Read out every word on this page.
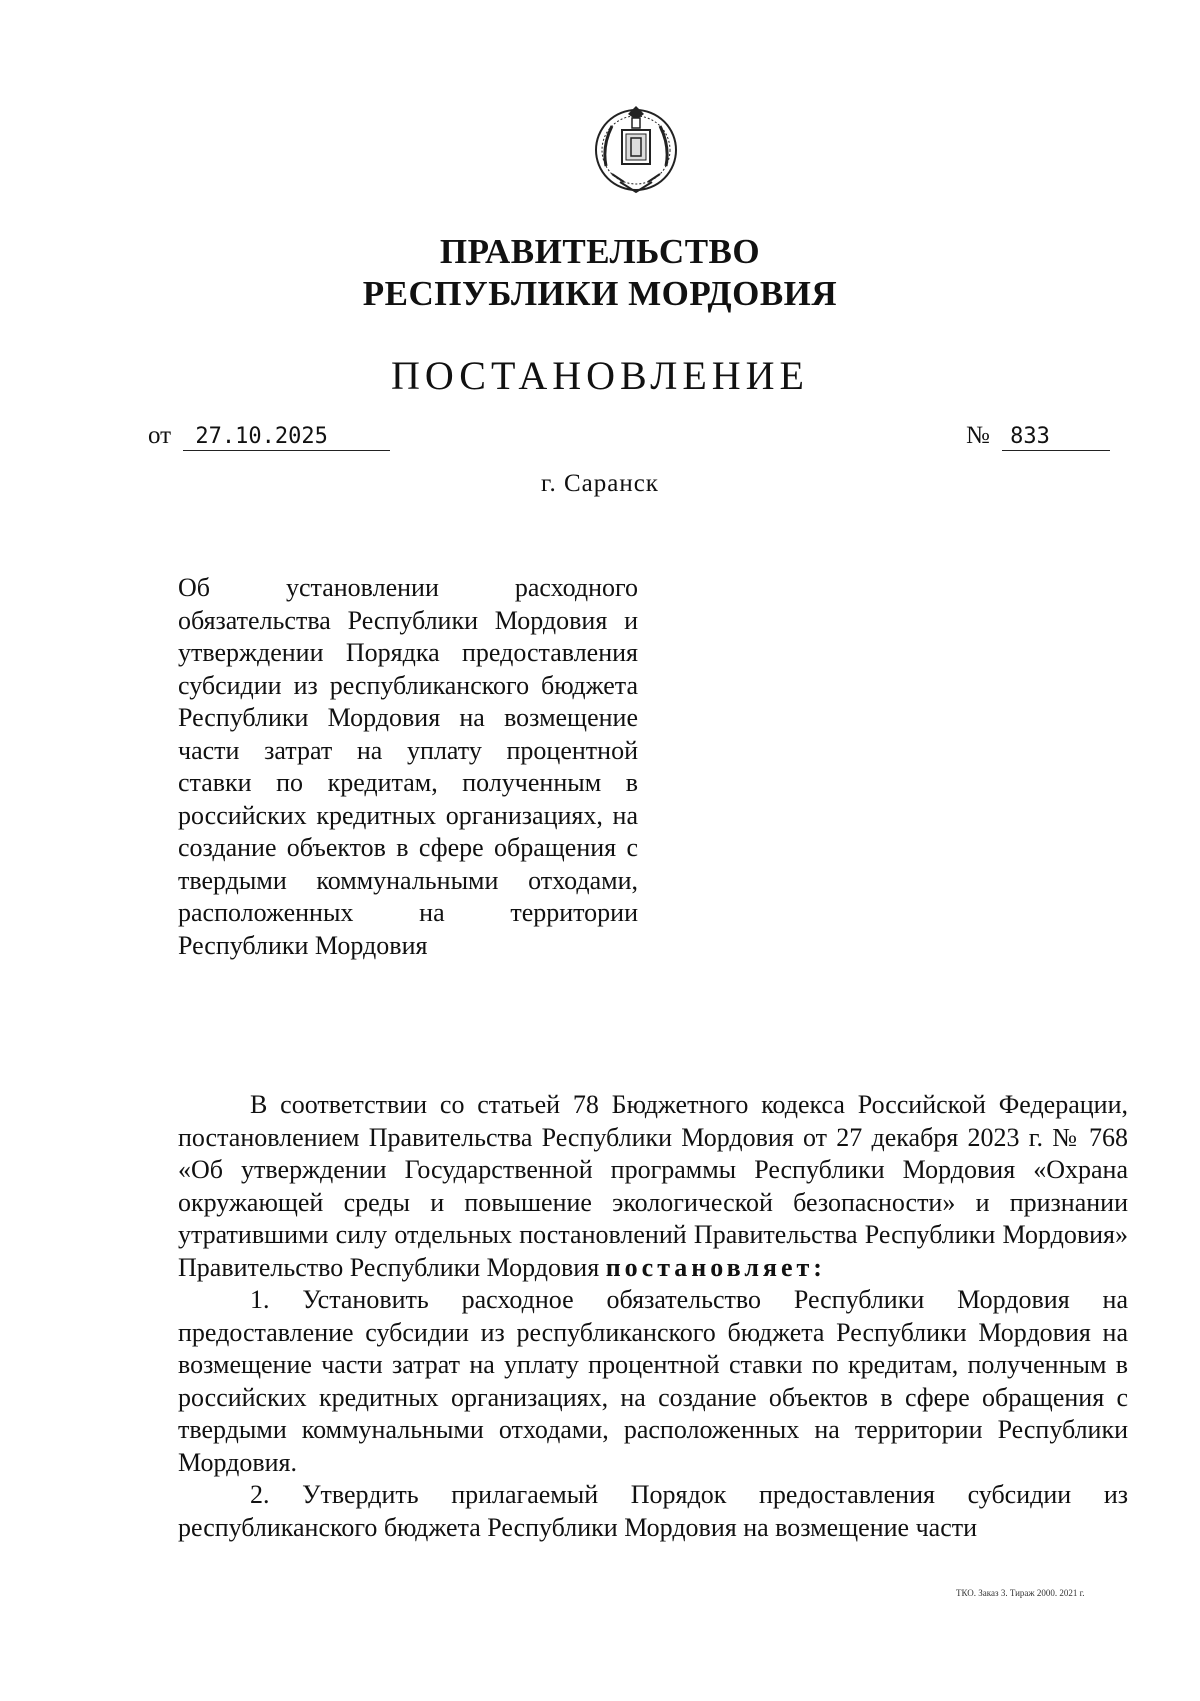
ПРАВИТЕЛЬСТВО
РЕСПУБЛИКИ МОРДОВИЯ
ПОСТАНОВЛЕНИЕ
от 27.10.2025	№ 833
г. Саранск
Об установлении расходного обязательства Республики Мордовия и утверждении Порядка предоставления субсидии из республиканского бюджета Республики Мордовия на возмещение части затрат на уплату процентной ставки по кредитам, полученным в российских кредитных организациях, на создание объектов в сфере обращения с твердыми коммунальными отходами, расположенных на территории Республики Мордовия

В соответствии со статьей 78 Бюджетного кодекса Российской Федерации, постановлением Правительства Республики Мордовия от 27 декабря 2023 г. № 768 «Об утверждении Государственной программы Республики Мордовия «Охрана окружающей среды и повышение экологической безопасности» и признании утратившими силу отдельных постановлений Правительства Республики Мордовия» Правительство Республики Мордовия постановляет:

1. Установить расходное обязательство Республики Мордовия на предоставление субсидии из республиканского бюджета Республики Мордовия на возмещение части затрат на уплату процентной ставки по кредитам, полученным в российских кредитных организациях, на создание объектов в сфере обращения с твердыми коммунальными отходами, расположенных на территории Республики Мордовия.

2. Утвердить прилагаемый Порядок предоставления субсидии из республиканского бюджета Республики Мордовия на возмещение части

ТКО. Заказ 3. Тираж 2000. 2021 г.
